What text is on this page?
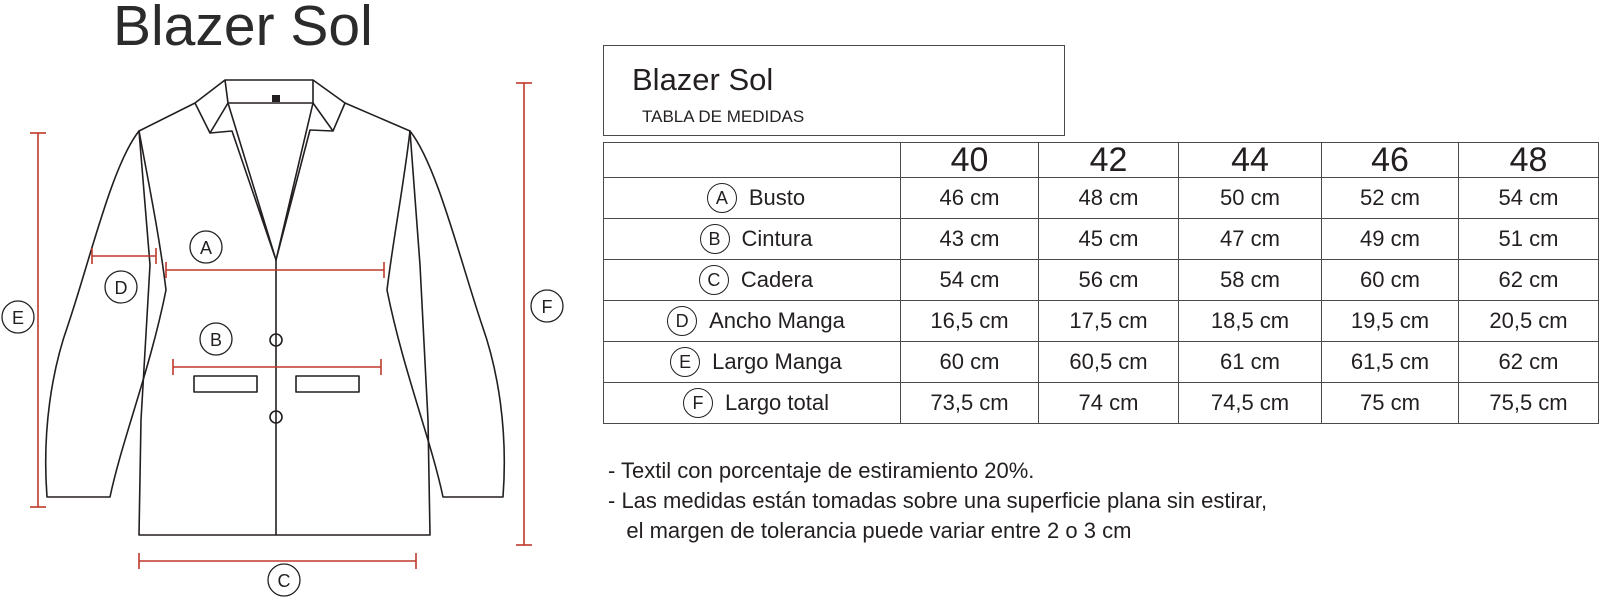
Blazer Sol
A
B
C
D
E
F
Blazer Sol
TABLA DE MEDIDAS
	40	42	44	46	48
A Busto	46 cm	48 cm	50 cm	52 cm	54 cm
B Cintura	43 cm	45 cm	47 cm	49 cm	51 cm
C Cadera	54 cm	56 cm	58 cm	60 cm	62 cm
D Ancho Manga	16,5 cm	17,5 cm	18,5 cm	19,5 cm	20,5 cm
E Largo Manga	60 cm	60,5 cm	61 cm	61,5 cm	62 cm
F Largo total	73,5 cm	74 cm	74,5 cm	75 cm	75,5 cm
- Textil con porcentaje de estiramiento 20%.
- Las medidas están tomadas sobre una superficie plana sin estirar,
el margen de tolerancia puede variar entre 2 o 3 cm
